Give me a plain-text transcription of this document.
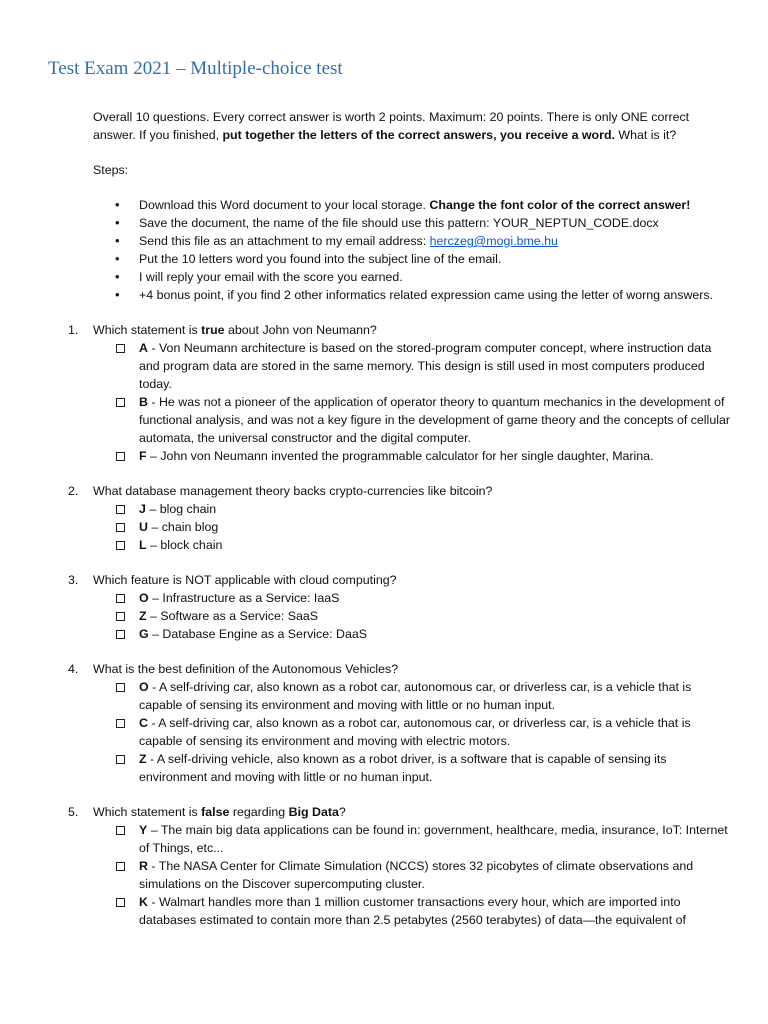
Test Exam 2021 – Multiple-choice test

Overall 10 questions. Every correct answer is worth 2 points. Maximum: 20 points. There is only ONE correct answer. If you finished, put together the letters of the correct answers, you receive a word. What is it?

Steps:

• Download this Word document to your local storage. Change the font color of the correct answer!
• Save the document, the name of the file should use this pattern: YOUR_NEPTUN_CODE.docx
• Send this file as an attachment to my email address: herczeg@mogi.bme.hu
• Put the 10 letters word you found into the subject line of the email.
• I will reply your email with the score you earned.
• +4 bonus point, if you find 2 other informatics related expression came using the letter of worng answers.

1. Which statement is true about John von Neumann?

A - Von Neumann architecture is based on the stored-program computer concept, where instruction data and program data are stored in the same memory. This design is still used in most computers produced today.
B - He was not a pioneer of the application of operator theory to quantum mechanics in the development of functional analysis, and was not a key figure in the development of game theory and the concepts of cellular automata, the universal constructor and the digital computer.
F – John von Neumann invented the programmable calculator for her single daughter, Marina.

2. What database management theory backs crypto-currencies like bitcoin?

J – blog chain
U – chain blog
L – block chain

3. Which feature is NOT applicable with cloud computing?

O – Infrastructure as a Service: IaaS
Z – Software as a Service: SaaS
G – Database Engine as a Service: DaaS

4. What is the best definition of the Autonomous Vehicles?

O - A self-driving car, also known as a robot car, autonomous car, or driverless car, is a vehicle that is capable of sensing its environment and moving with little or no human input.
C - A self-driving car, also known as a robot car, autonomous car, or driverless car, is a vehicle that is capable of sensing its environment and moving with electric motors.
Z - A self-driving vehicle, also known as a robot driver, is a software that is capable of sensing its environment and moving with little or no human input.

5. Which statement is false regarding Big Data?

Y – The main big data applications can be found in: government, healthcare, media, insurance, IoT: Internet of Things, etc...
R - The NASA Center for Climate Simulation (NCCS) stores 32 picobytes of climate observations and simulations on the Discover supercomputing cluster.
K - Walmart handles more than 1 million customer transactions every hour, which are imported into databases estimated to contain more than 2.5 petabytes (2560 terabytes) of data—the equivalent of
